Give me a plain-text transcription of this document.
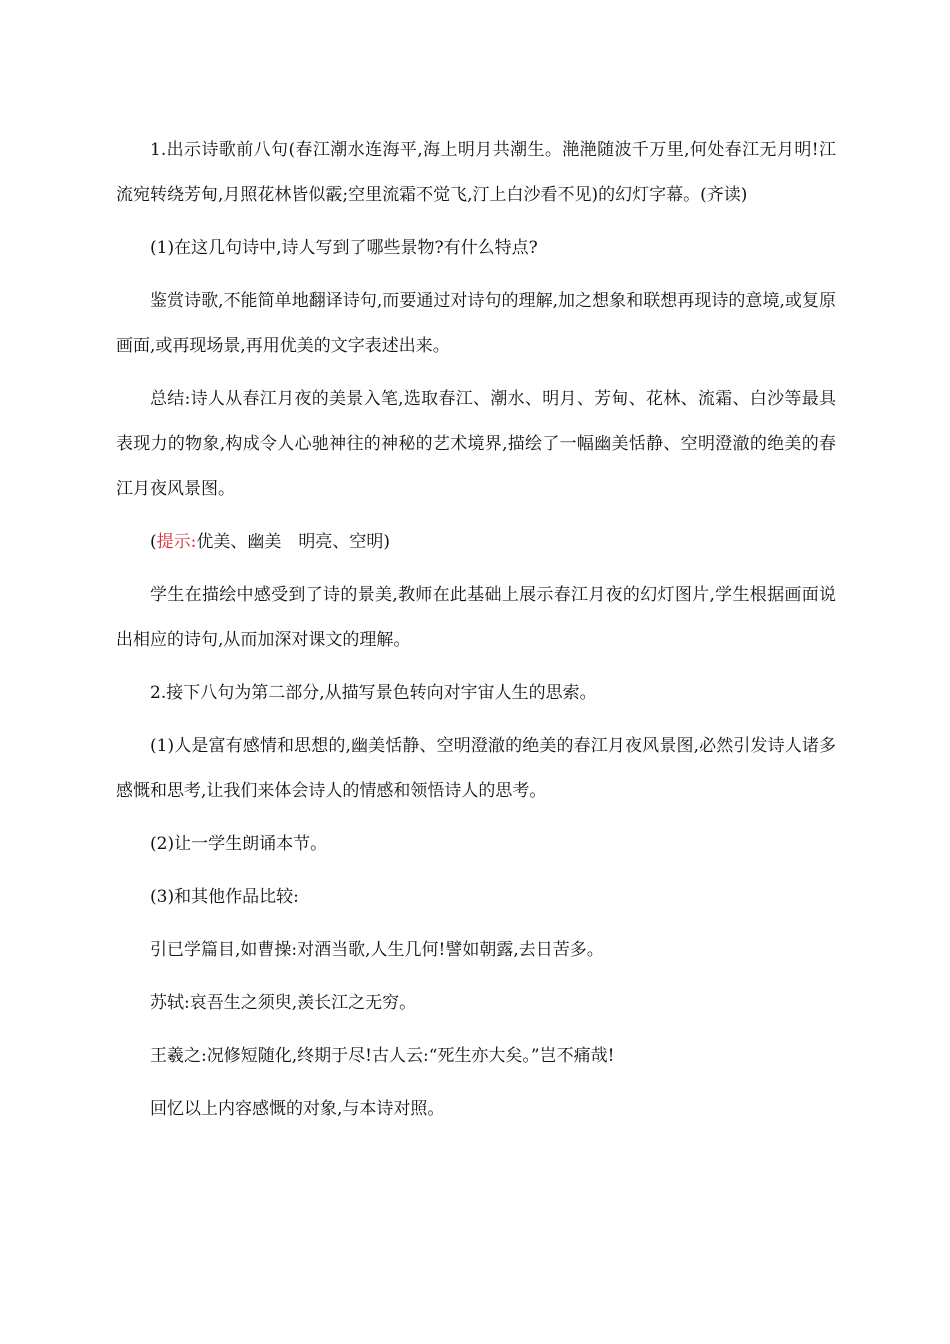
1.出示诗歌前八句(春江潮水连海平,海上明月共潮生。滟滟随波千万里,何处春江无月明!江流宛转绕芳甸,月照花林皆似霰;空里流霜不觉飞,汀上白沙看不见)的幻灯字幕。(齐读)

(1)在这几句诗中,诗人写到了哪些景物?有什么特点?

鉴赏诗歌,不能简单地翻译诗句,而要通过对诗句的理解,加之想象和联想再现诗的意境,或复原画面,或再现场景,再用优美的文字表述出来。

总结:诗人从春江月夜的美景入笔,选取春江、潮水、明月、芳甸、花林、流霜、白沙等最具表现力的物象,构成令人心驰神往的神秘的艺术境界,描绘了一幅幽美恬静、空明澄澈的绝美的春江月夜风景图。

(提示:优美、幽美　明亮、空明)

学生在描绘中感受到了诗的景美,教师在此基础上展示春江月夜的幻灯图片,学生根据画面说出相应的诗句,从而加深对课文的理解。

2.接下八句为第二部分,从描写景色转向对宇宙人生的思索。

(1)人是富有感情和思想的,幽美恬静、空明澄澈的绝美的春江月夜风景图,必然引发诗人诸多感慨和思考,让我们来体会诗人的情感和领悟诗人的思考。

(2)让一学生朗诵本节。

(3)和其他作品比较:

引已学篇目,如曹操:对酒当歌,人生几何!譬如朝露,去日苦多。

苏轼:哀吾生之须臾,羡长江之无穷。

王羲之:况修短随化,终期于尽!古人云:“死生亦大矣。”岂不痛哉!

回忆以上内容感慨的对象,与本诗对照。
